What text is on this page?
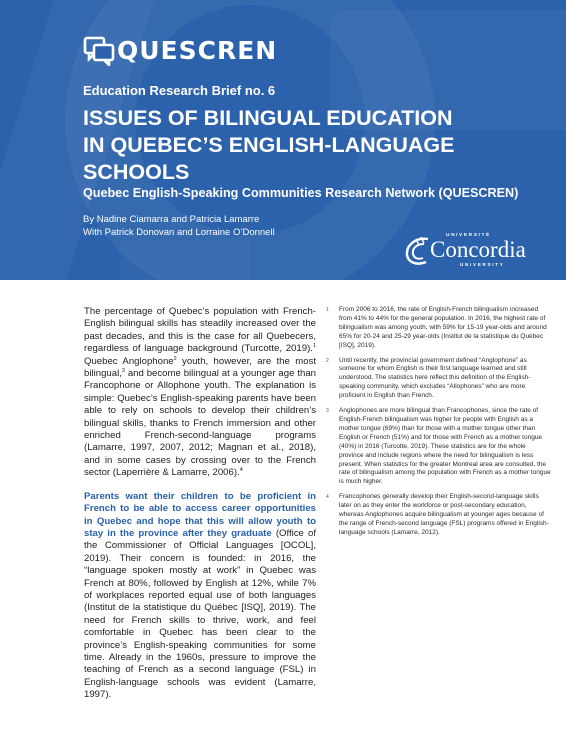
QUESCREN
Education Research Brief no. 6
ISSUES OF BILINGUAL EDUCATION
IN QUEBEC’S ENGLISH-LANGUAGE
SCHOOLS
Quebec English-Speaking Communities Research Network (QUESCREN)
By Nadine Ciamarra and Patricia Lamarre
With Patrick Donovan and Lorraine O’Donnell	UNIVERSITÉ
Concordia
UNIVERSITY

The percentage of Quebec’s population with French-English bilingual skills has steadily increased over the past decades, and this is the case for all Quebecers, regardless of language background (Turcotte, 2019).$^1$ Quebec Anglophone$^2$ youth, however, are the most bilingual,$^3$ and become bilingual at a younger age than Francophone or Allophone youth. The explanation is simple: Quebec’s English-speaking parents have been able to rely on schools to develop their children’s bilingual skills, thanks to French immersion and other enriched French-second-language programs (Lamarre, 1997, 2007, 2012; Magnan et al., 2018), and in some cases by crossing over to the French sector (Laperrière & Lamarre, 2006).$^4$

Parents want their children to be proficient in French to be able to access career opportunities in Quebec and hope that this will allow youth to stay in the province after they graduate (Office of the Commissioner of Official Languages [OCOL], 2019). Their concern is founded: in 2016, the “language spoken mostly at work” in Quebec was French at 80%, followed by English at 12%, while 7% of workplaces reported equal use of both languages (Institut de la statistique du Québec [ISQ], 2019). The need for French skills to thrive, work, and feel comfortable in Quebec has been clear to the province’s English-speaking communities for some time. Already in the 1960s, pressure to improve the teaching of French as a second language (FSL) in English-language schools was evident (Lamarre, 1997).

1	From 2006 to 2016, the rate of English-French bilingualism increased from 41% to 44% for the general population. In 2016, the highest rate of bilingualism was among youth, with 59% for 15-19 year-olds and around 65% for 20-24 and 25-29 year-olds (Institut de la statistique du Québec [ISQ], 2019).
2	Until recently, the provincial government defined “Anglophone” as someone for whom English is their first language learned and still understood. The statistics here reflect this definition of the English-speaking community, which excludes “Allophones” who are more proficient in English than French.
3	Anglophones are more bilingual than Francophones, since the rate of English-French bilingualism was higher for people with English as a mother tongue (69%) than for those with a mother tongue other than English or French (51%) and for those with French as a mother tongue (40%) in 2016 (Turcotte, 2019). These statistics are for the whole province and include regions where the need for bilingualism is less present. When statistics for the greater Montreal area are consulted, the rate of bilingualism among the population with French as a mother tongue is much higher.
4	Francophones generally develop their English-second-language skills later on as they enter the workforce or post-secondary education, whereas Anglophones acquire bilingualism at younger ages because of the range of French-second language (FSL) programs offered in English-language schools (Lamarre, 2012).
